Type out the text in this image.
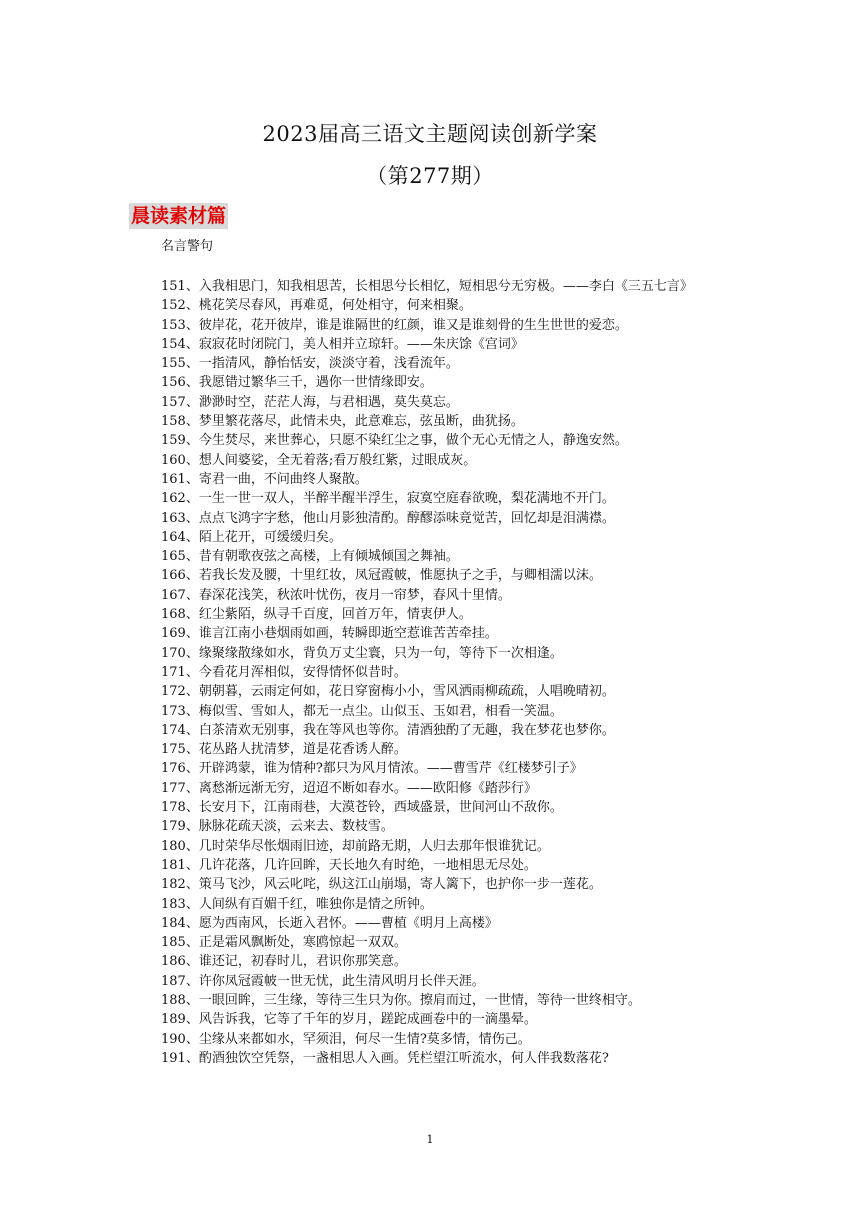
2023届高三语文主题阅读创新学案
（第277期）
晨读素材篇
名言警句
151、入我相思门，知我相思苦，长相思兮长相忆，短相思兮无穷极。——李白《三五七言》
152、桃花笑尽春风，再难觅，何处相守，何来相聚。
153、彼岸花，花开彼岸，谁是谁隔世的红颜，谁又是谁刻骨的生生世世的爱恋。
154、寂寂花时闭院门，美人相并立琼轩。——朱庆馀《宫词》
155、一指清风，静怡恬安，淡淡守着，浅看流年。
156、我愿错过繁华三千，遇你一世情缘即安。
157、渺渺时空，茫茫人海，与君相遇，莫失莫忘。
158、梦里繁花落尽，此情未央，此意难忘，弦虽断，曲犹扬。
159、今生焚尽，来世葬心，只愿不染红尘之事，做个无心无情之人，静逸安然。
160、想人间婆娑，全无着落;看万般红紫，过眼成灰。
161、寄君一曲，不问曲终人聚散。
162、一生一世一双人，半醉半醒半浮生，寂寞空庭春欲晚，梨花满地不开门。
163、点点飞鸿字字愁，他山月影独清酌。醇醪添味竟觉苦，回忆却是泪满襟。
164、陌上花开，可缓缓归矣。
165、昔有朝歌夜弦之高楼，上有倾城倾国之舞袖。
166、若我长发及腰，十里红妆，凤冠霞帔，惟愿执子之手，与卿相濡以沫。
167、春深花浅笑，秋浓叶忧伤，夜月一帘梦，春风十里情。
168、红尘紫陌，纵寻千百度，回首万年，情衷伊人。
169、谁言江南小巷烟雨如画，转瞬即逝空惹谁苦苦牵挂。
170、缘聚缘散缘如水，背负万丈尘寰，只为一句，等待下一次相逢。
171、今看花月浑相似，安得情怀似昔时。
172、朝朝暮，云雨定何如，花日穿窗梅小小，雪风洒雨柳疏疏，人唱晚晴初。
173、梅似雪、雪如人，都无一点尘。山似玉、玉如君，相看一笑温。
174、白茶清欢无别事，我在等风也等你。清酒独酌了无趣，我在梦花也梦你。
175、花丛路人扰清梦，道是花香诱人醉。
176、开辟鸿蒙，谁为情种?都只为风月情浓。——曹雪芹《红楼梦引子》
177、离愁渐远渐无穷，迢迢不断如春水。——欧阳修《踏莎行》
178、长安月下，江南雨巷，大漠苍铃，西域盛景，世间河山不敌你。
179、脉脉花疏天淡，云来去、数枝雪。
180、几时荣华尽怅烟雨旧迹，却前路无期，人归去那年恨谁犹记。
181、几许花落，几许回眸，天长地久有时绝，一地相思无尽处。
182、策马飞沙，风云叱咤，纵这江山崩塌，寄人篱下，也护你一步一莲花。
183、人间纵有百媚千红，唯独你是情之所钟。
184、愿为西南风，长逝入君怀。——曹植《明月上高楼》
185、正是霜风飘断处，寒鸥惊起一双双。
186、谁还记，初春时儿，君识你那笑意。
187、许你凤冠霞帔一世无忧，此生清风明月长伴天涯。
188、一眼回眸，三生缘，等待三生只为你。擦肩而过，一世情，等待一世终相守。
189、风告诉我，它等了千年的岁月，蹉跎成画卷中的一滴墨晕。
190、尘缘从来都如水，罕须泪，何尽一生情?莫多情，情伤己。
191、酌酒独饮空凭祭，一盏相思人入画。凭栏望江听流水，何人伴我数落花?
1
